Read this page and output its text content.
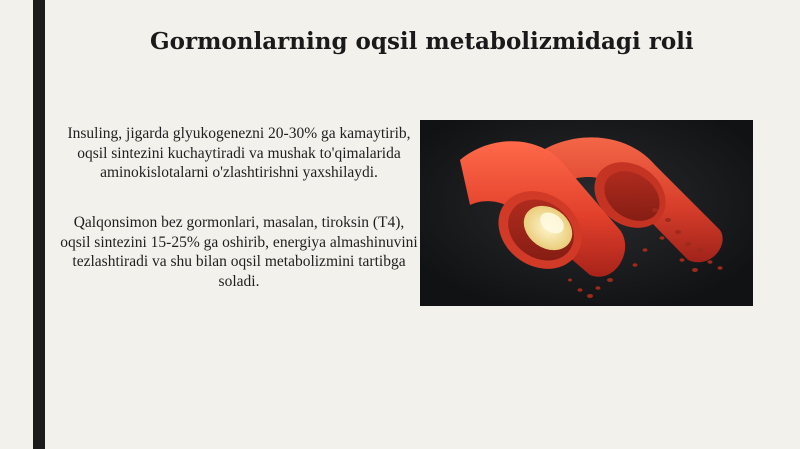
Gormonlarning oqsil metabolizmidagi roli
Insuling, jigarda glyukogenezni 20-30% ga kamaytirib, oqsil sintezini kuchaytiradi va mushak to'qimalarida aminokislotalarni o'zlashtirishni yaxshilaydi.
Qalqonsimon bez gormonlari, masalan, tiroksin (T4), oqsil sintezini 15-25% ga oshirib, energiya almashinuvini tezlashtiradi va shu bilan oqsil metabolizmini tartibga soladi.
